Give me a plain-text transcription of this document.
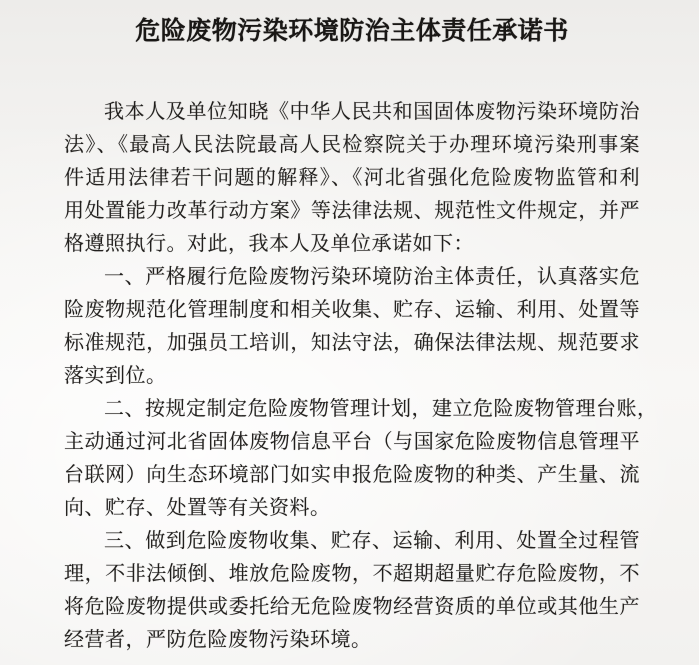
危险废物污染环境防治主体责任承诺书
我本人及单位知晓《中华人民共和国固体废物污染环境防治
法》、《最高人民法院最高人民检察院关于办理环境污染刑事案
件适用法律若干问题的解释》、《河北省强化危险废物监管和利
用处置能力改革行动方案》等法律法规、规范性文件规定，并严
格遵照执行。对此，我本人及单位承诺如下：
一、严格履行危险废物污染环境防治主体责任，认真落实危
险废物规范化管理制度和相关收集、贮存、运输、利用、处置等
标准规范，加强员工培训，知法守法，确保法律法规、规范要求
落实到位。
二、按规定制定危险废物管理计划，建立危险废物管理台账，
主动通过河北省固体废物信息平台（与国家危险废物信息管理平
台联网）向生态环境部门如实申报危险废物的种类、产生量、流
向、贮存、处置等有关资料。
三、做到危险废物收集、贮存、运输、利用、处置全过程管
理，不非法倾倒、堆放危险废物，不超期超量贮存危险废物，不
将危险废物提供或委托给无危险废物经营资质的单位或其他生产
经营者，严防危险废物污染环境。
